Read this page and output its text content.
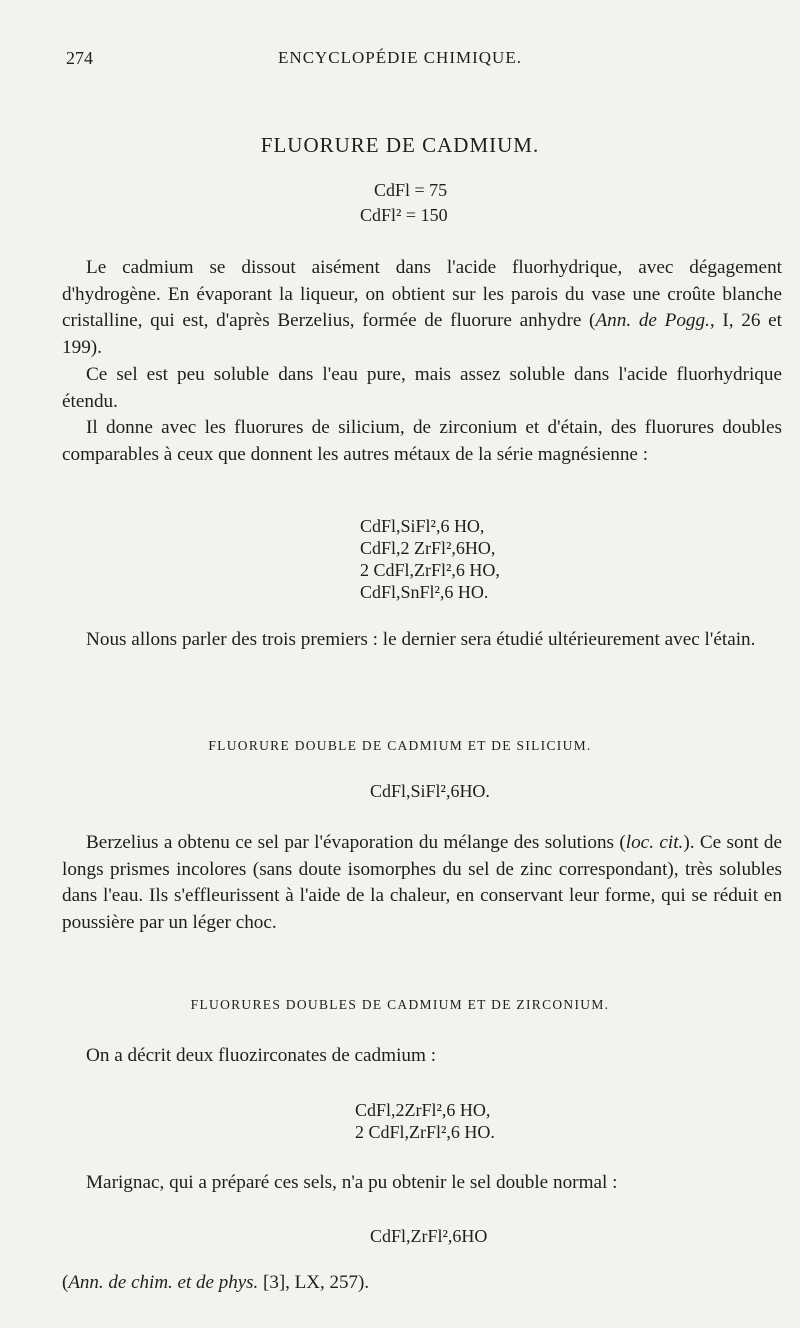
274	ENCYCLOPÉDIE CHIMIQUE.
FLUORURE DE CADMIUM.
CdFl = 75
CdFl² = 150
Le cadmium se dissout aisément dans l'acide fluorhydrique, avec dégagement d'hydrogène. En évaporant la liqueur, on obtient sur les parois du vase une croûte blanche cristalline, qui est, d'après Berzelius, formée de fluorure anhydre (Ann. de Pogg., I, 26 et 199).
Ce sel est peu soluble dans l'eau pure, mais assez soluble dans l'acide fluorhydrique étendu.
Il donne avec les fluorures de silicium, de zirconium et d'étain, des fluorures doubles comparables à ceux que donnent les autres métaux de la série magnésienne :
CdFl,SiFl²,6 HO,
CdFl,2 ZrFl²,6HO,
2 CdFl,ZrFl²,6 HO,
CdFl,SnFl²,6 HO.
Nous allons parler des trois premiers : le dernier sera étudié ultérieurement avec l'étain.
FLUORURE DOUBLE DE CADMIUM ET DE SILICIUM.
CdFl,SiFl²,6HO.
Berzelius a obtenu ce sel par l'évaporation du mélange des solutions (loc. cit.). Ce sont de longs prismes incolores (sans doute isomorphes du sel de zinc correspondant), très solubles dans l'eau. Ils s'effleurissent à l'aide de la chaleur, en conservant leur forme, qui se réduit en poussière par un léger choc.
FLUORURES DOUBLES DE CADMIUM ET DE ZIRCONIUM.
On a décrit deux fluozirconates de cadmium :
CdFl,2ZrFl²,6 HO,
2 CdFl,ZrFl²,6 HO.
Marignac, qui a préparé ces sels, n'a pu obtenir le sel double normal :
CdFl,ZrFl²,6HO
(Ann. de chim. et de phys. [3], LX, 257).
